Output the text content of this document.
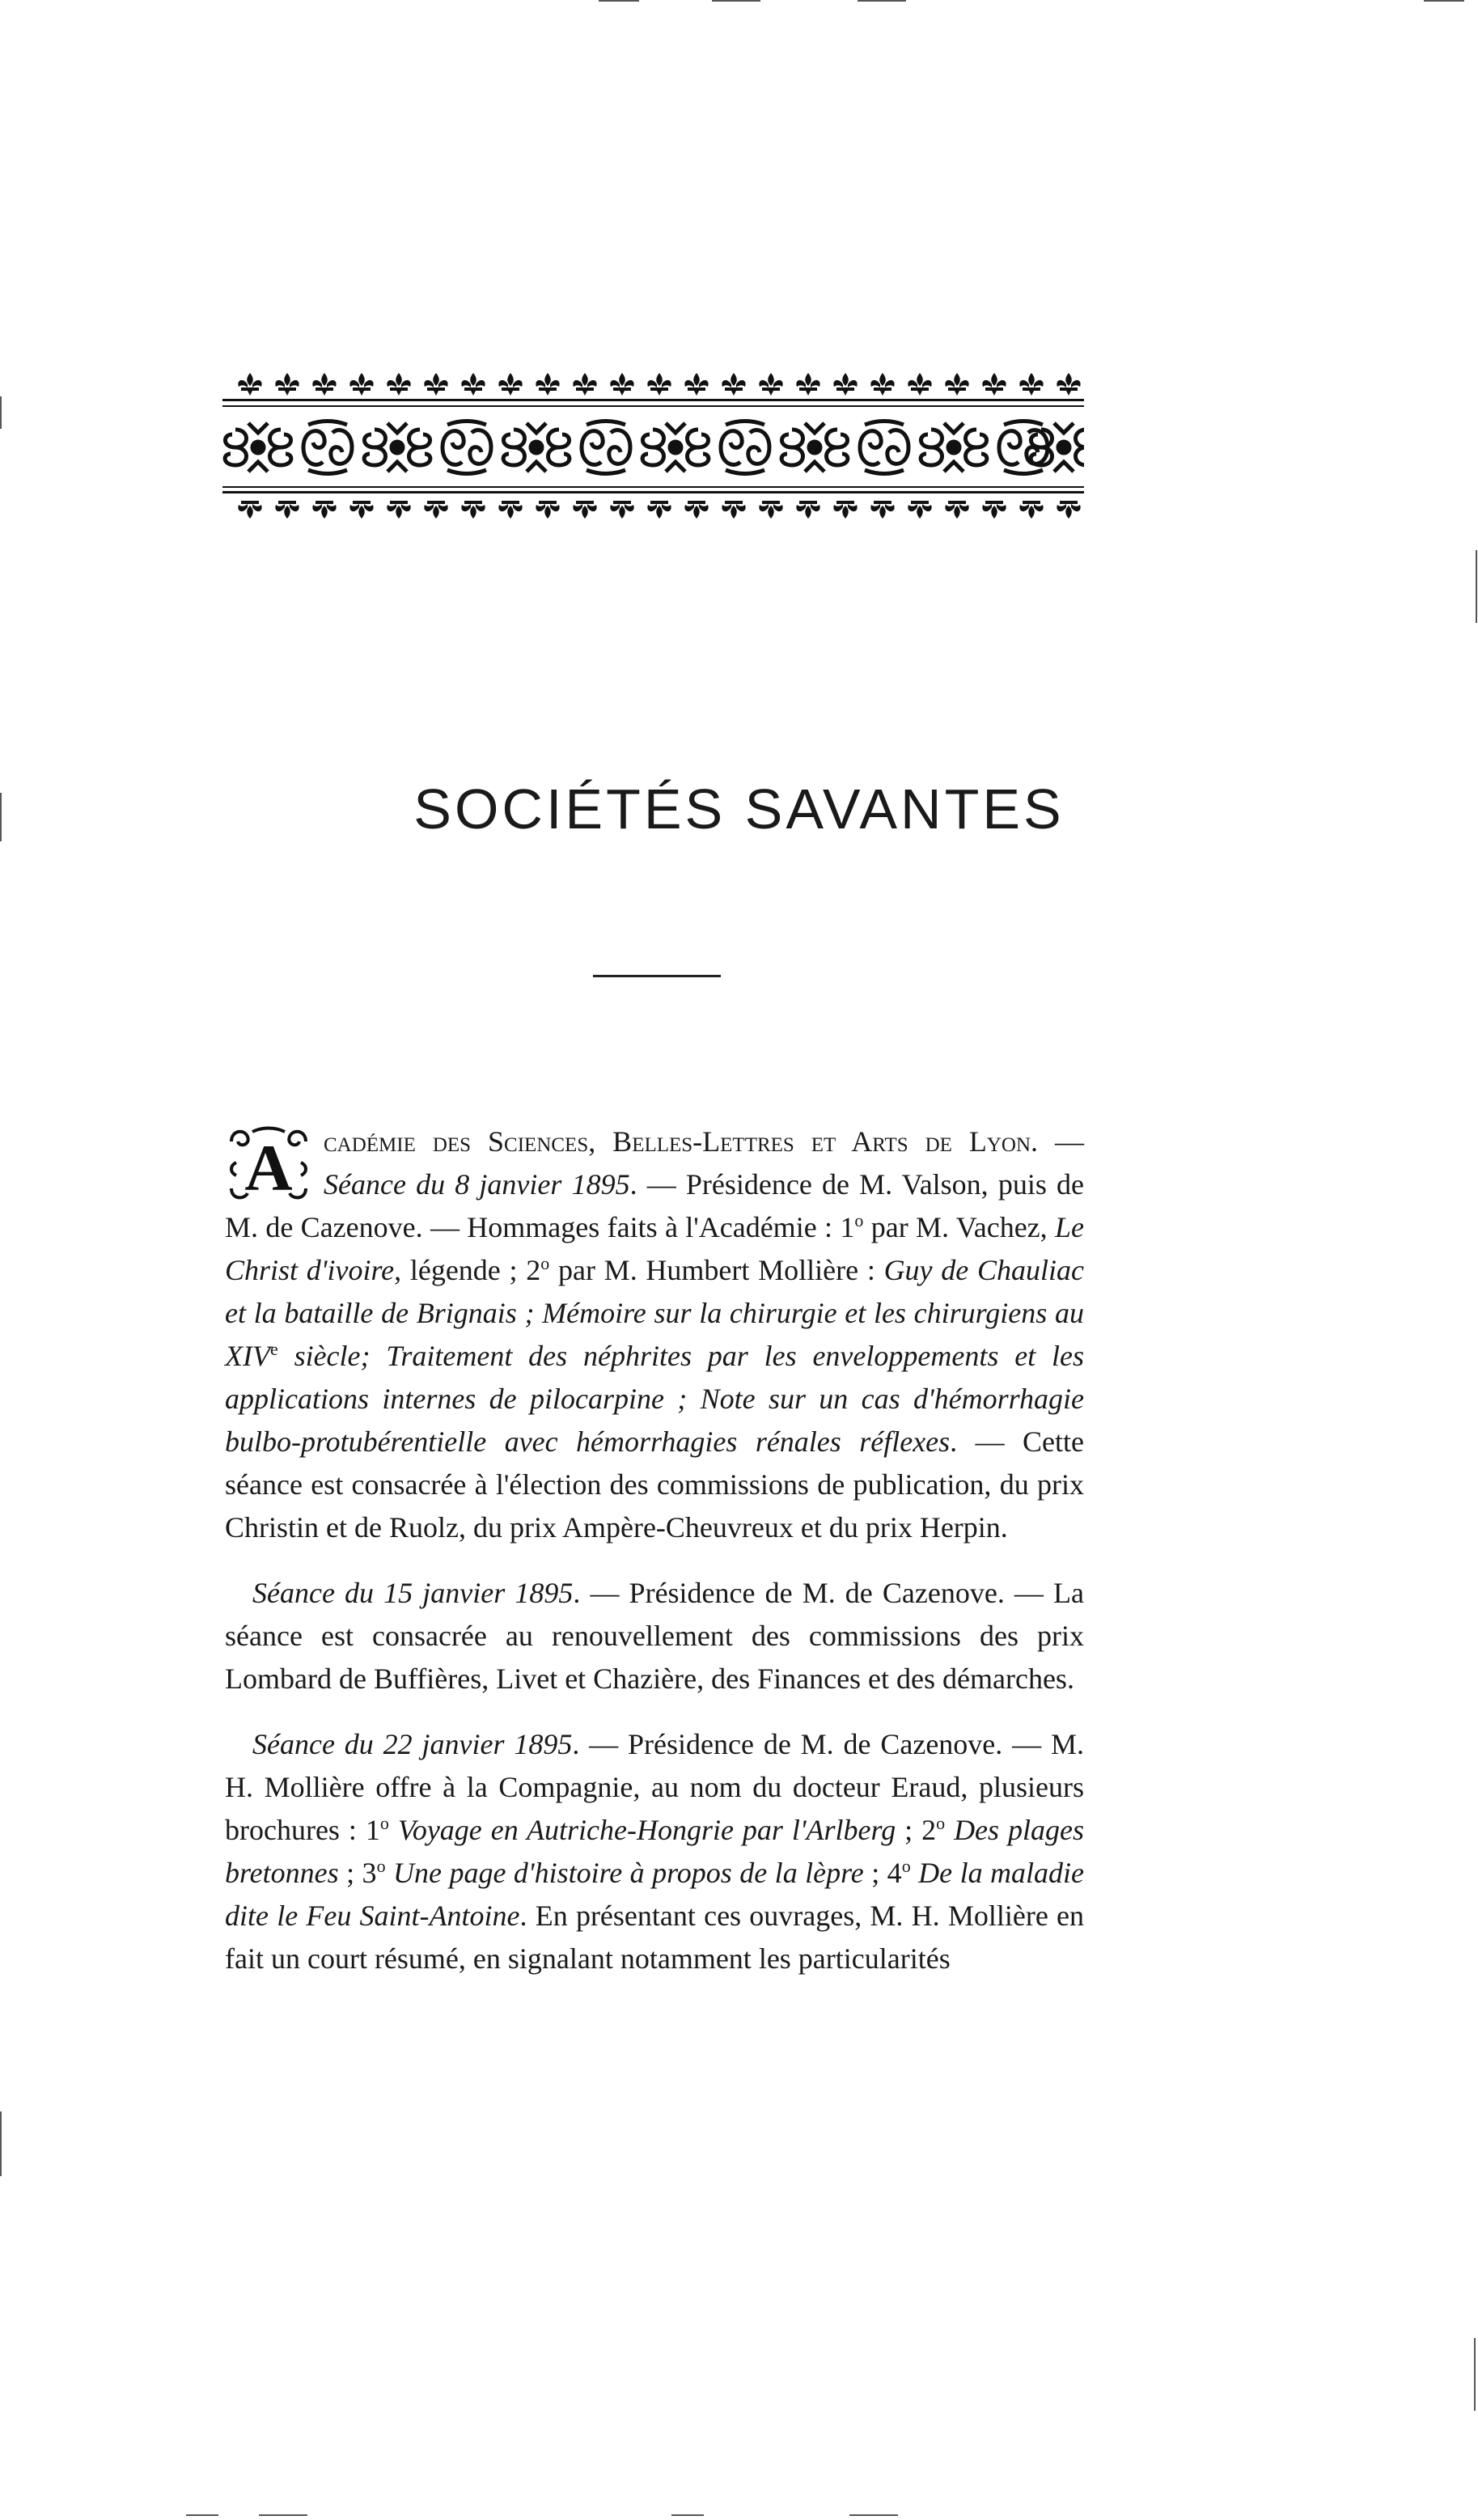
SOCIÉTÉS SAVANTES

A cadémie des Sciences, Belles-Lettres et Arts de Lyon. — Séance du 8 janvier 1895. — Présidence de M. Valson, puis de M. de Cazenove. — Hommages faits à l'Académie : 1$^o$ par M. Vachez, Le Christ d'ivoire, légende ; 2$^o$ par M. Humbert Mollière : Guy de Chauliac et la bataille de Brignais ; Mémoire sur la chirurgie et les chirurgiens au XIVe siècle; Traitement des néphrites par les enveloppements et les applications internes de pilocarpine ; Note sur un cas d'hémorrhagie bulbo-protubérentielle avec hémorrhagies rénales réflexes. — Cette séance est consacrée à l'élection des commissions de publication, du prix Christin et de Ruolz, du prix Ampère-Cheuvreux et du prix Herpin.

Séance du 15 janvier 1895. — Présidence de M. de Cazenove. — La séance est consacrée au renouvellement des commissions des prix Lombard de Buffières, Livet et Chazière, des Finances et des démarches.

Séance du 22 janvier 1895. — Présidence de M. de Cazenove. — M. H. Mollière offre à la Compagnie, au nom du docteur Eraud, plusieurs brochures : 1$^o$ Voyage en Autriche-Hongrie par l'Arlberg ; 2$^o$ Des plages bretonnes ; 3$^o$ Une page d'histoire à propos de la lèpre ; 4$^o$ De la maladie dite le Feu Saint-Antoine. En présentant ces ouvrages, M. H. Mollière en fait un court résumé, en signalant notamment les particularités
